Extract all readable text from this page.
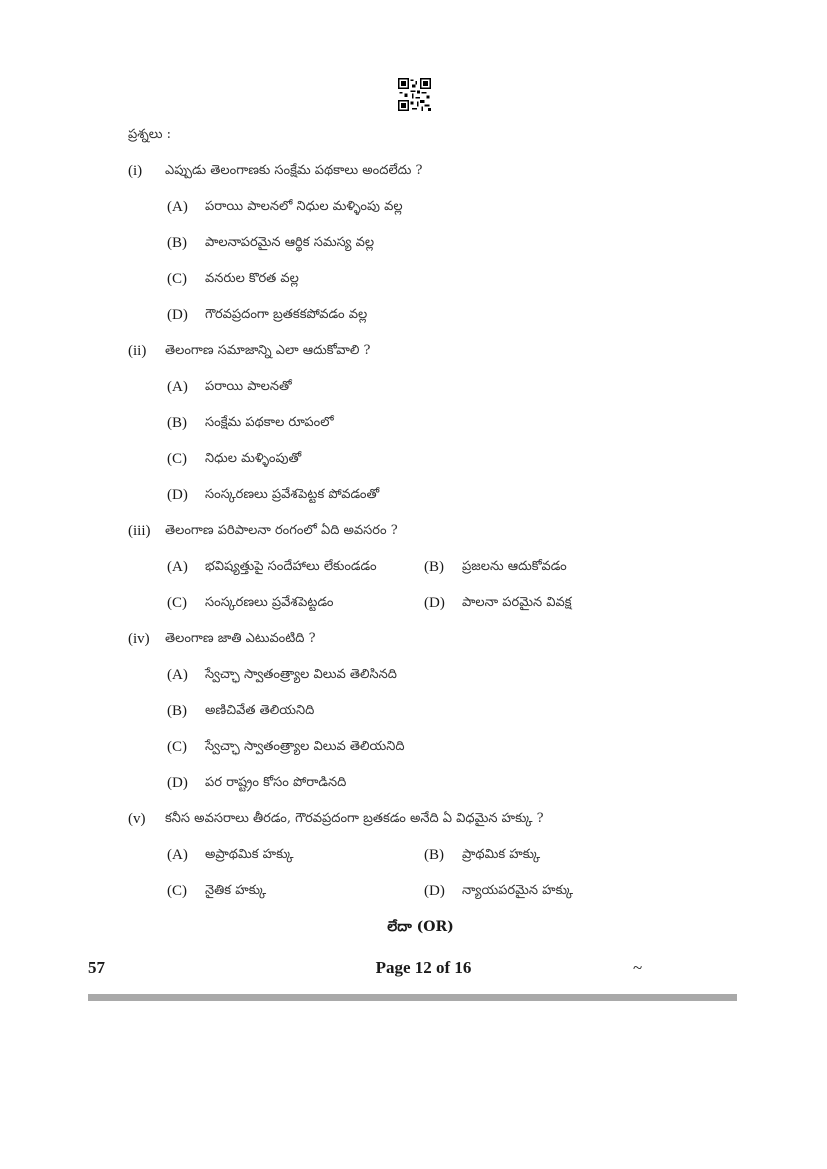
ప్రశ్నలు :
(i) ఎప్పుడు తెలంగాణకు సంక్షేమ పథకాలు అందలేదు ?
(A) పరాయి పాలనలో నిధుల మళ్ళింపు వల్ల
(B) పాలనాపరమైన ఆర్థిక సమస్య వల్ల
(C) వనరుల కొరత వల్ల
(D) గౌరవప్రదంగా బ్రతకకపోవడం వల్ల
(ii) తెలంగాణ సమాజాన్ని ఎలా ఆదుకోవాలి ?
(A) పరాయి పాలనతో
(B) సంక్షేమ పథకాల రూపంలో
(C) నిధుల మళ్ళింపుతో
(D) సంస్కరణలు ప్రవేశపెట్టక పోవడంతో
(iii) తెలంగాణ పరిపాలనా రంగంలో ఏది అవసరం ?
(A) భవిష్యత్తుపై సందేహాలు లేకుండడం	(B) ప్రజలను ఆదుకోవడం
(C) సంస్కరణలు ప్రవేశపెట్టడం	(D) పాలనా పరమైన వివక్ష
(iv) తెలంగాణ జాతి ఎటువంటిది ?
(A) స్వేచ్ఛా స్వాతంత్ర్యాల విలువ తెలిసినది
(B) అణిచివేత తెలియనిది
(C) స్వేచ్ఛా స్వాతంత్ర్యాల విలువ తెలియనిది
(D) పర రాష్ట్రం కోసం పోరాడినది
(v) కనీస అవసరాలు తీరడం, గౌరవప్రదంగా బ్రతకడం అనేది ఏ విధమైన హక్కు ?
(A) అప్రాథమిక హక్కు	(B) ప్రాథమిక హక్కు
(C) నైతిక హక్కు	(D) న్యాయపరమైన హక్కు
లేదా (OR)
57	Page 12 of 16	~
